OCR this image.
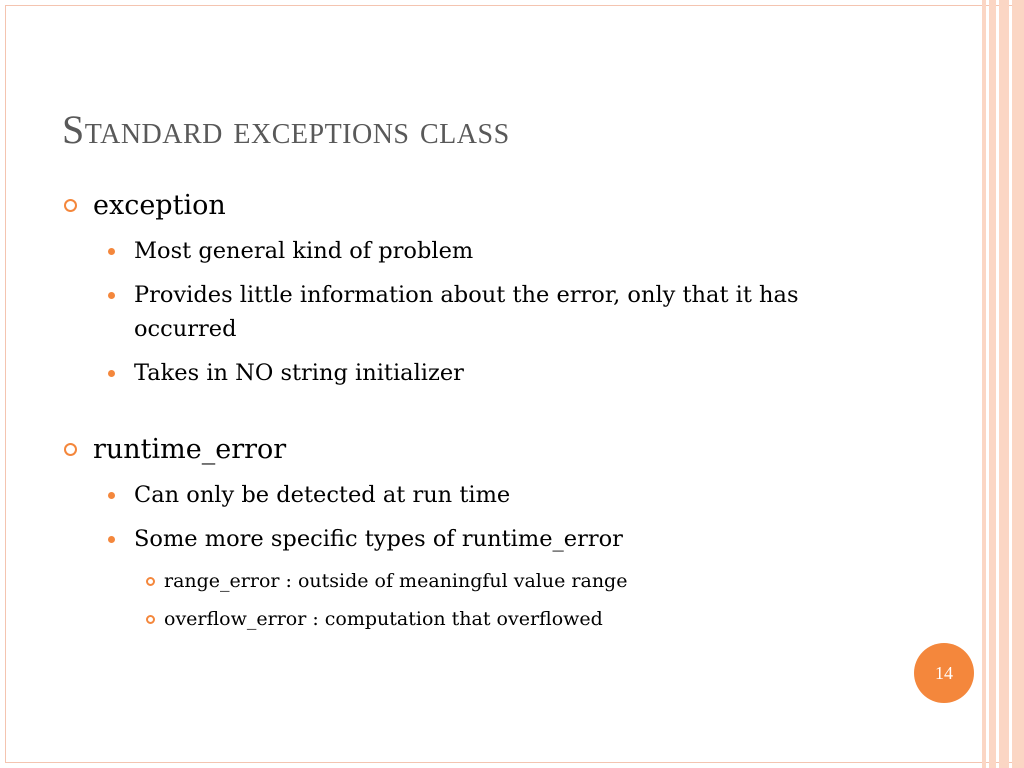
Standard exceptions class
exception
Most general kind of problem
Provides little information about the error, only that it has occurred
Takes in NO string initializer
runtime_error
Can only be detected at run time
Some more specific types of runtime_error
range_error : outside of meaningful value range
overflow_error : computation that overflowed
14
